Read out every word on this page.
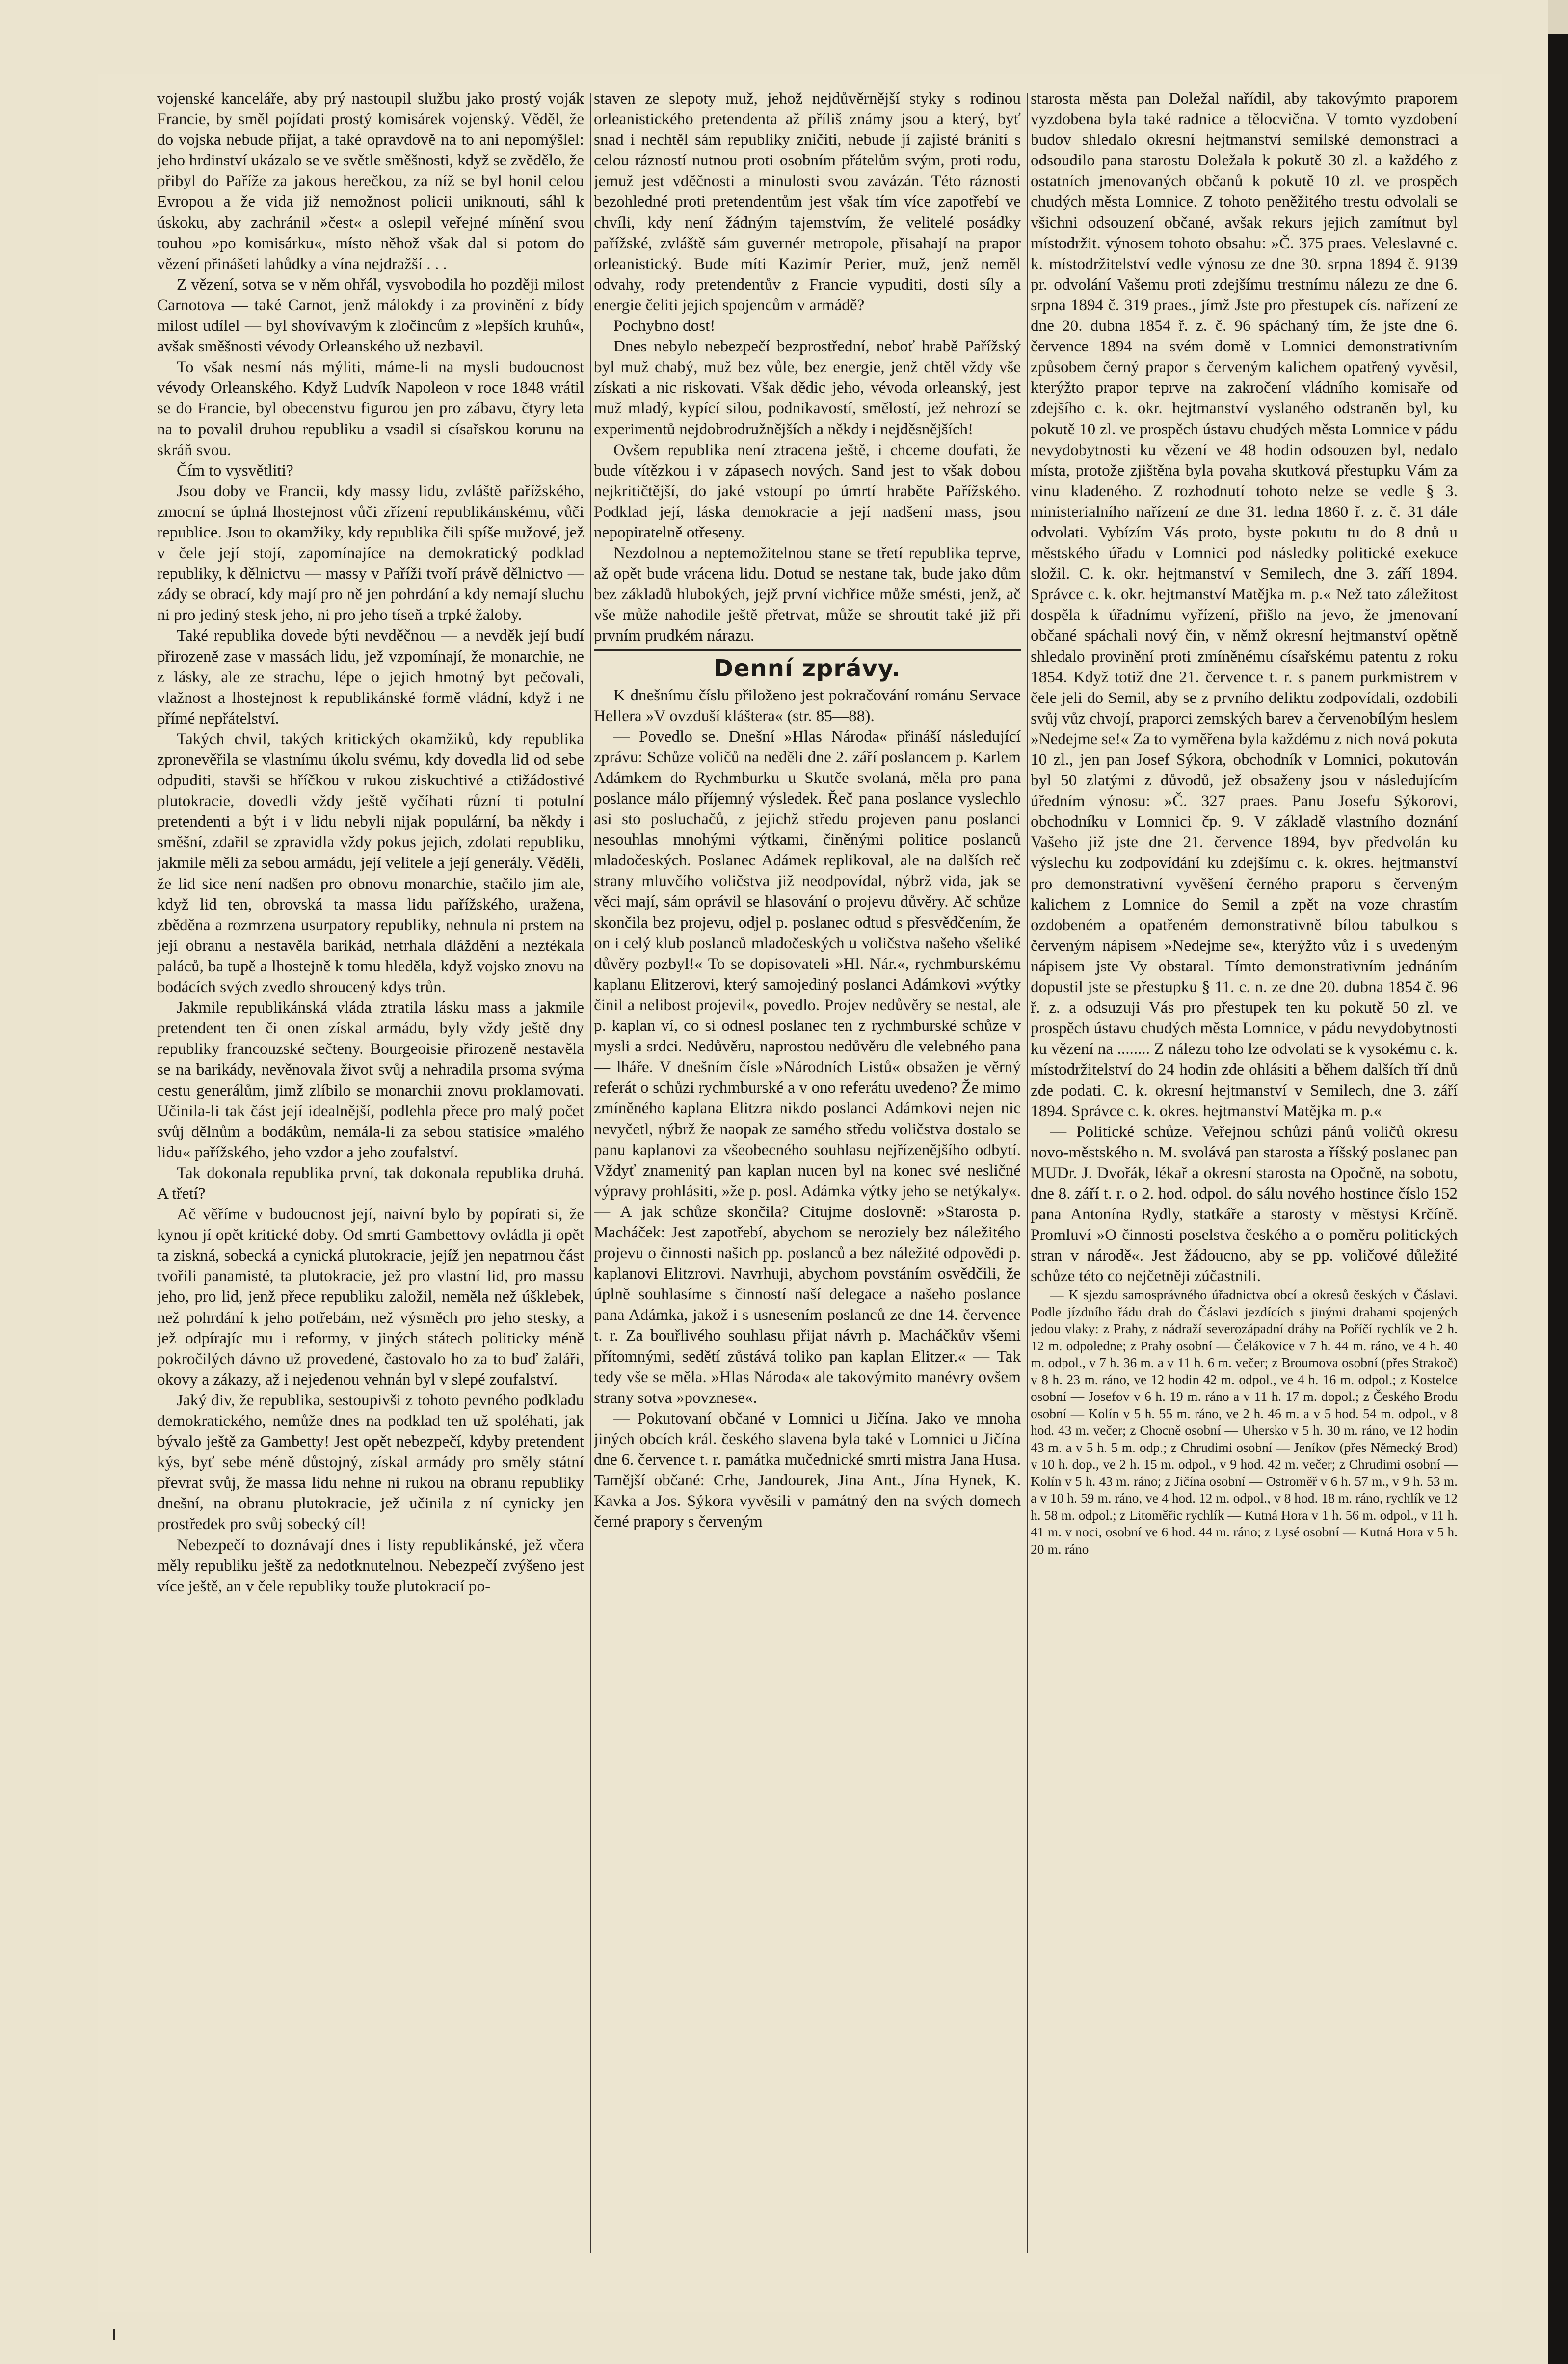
vojenské kanceláře, aby prý nastoupil službu jako prostý voják Francie, by směl pojídati prostý komisárek vojenský. Věděl, že do vojska nebude přijat, a také opravdově na to ani nepomýšlel: jeho hrdinství ukázalo se ve světle směšnosti, když se zvědělo, že přibyl do Paříže za jakous herečkou, za níž se byl honil celou Evropou a že vida již nemožnost policii uniknouti, sáhl k úskoku, aby zachránil »čest« a oslepil veřejné mínění svou touhou »po komisárku«, místo něhož však dal si potom do vězení přinášeti lahůdky a vína nejdražší . . .

Z vězení, sotva se v něm ohřál, vysvobodila ho později milost Carnotova — také Carnot, jenž málokdy i za provinění z bídy milost udílel — byl shovívavým k zločincům z »lepších kruhů«, avšak směšnosti vévody Orleanského už nezbavil.

To však nesmí nás mýliti, máme-li na mysli budoucnost vévody Orleanského. Když Ludvík Napoleon v roce 1848 vrátil se do Francie, byl obecenstvu figurou jen pro zábavu, čtyry leta na to povalil druhou republiku a vsadil si císařskou korunu na skráň svou.

Čím to vysvětliti?

Jsou doby ve Francii, kdy massy lidu, zvláště pařížského, zmocní se úplná lhostejnost vůči zřízení republikánskému, vůči republice. Jsou to okamžiky, kdy republika čili spíše mužové, jež v čele její stojí, zapomínajíce na demokratický podklad republiky, k dělnictvu — massy v Paříži tvoří právě dělnictvo — zády se obrací, kdy mají pro ně jen pohrdání a kdy nemají sluchu ni pro jediný stesk jeho, ni pro jeho tíseň a trpké žaloby.

Také republika dovede býti nevděčnou — a nevděk její budí přirozeně zase v massách lidu, jež vzpomínají, že monarchie, ne z lásky, ale ze strachu, lépe o jejich hmotný byt pečovali, vlažnost a lhostejnost k republikánské formě vládní, když i ne přímé nepřátelství.

Takých chvil, takých kritických okamžiků, kdy republika zpronevěřila se vlastnímu úkolu svému, kdy dovedla lid od sebe odpuditi, stavši se hříčkou v rukou ziskuchtivé a ctižádostivé plutokracie, dovedli vždy ještě vyčíhati různí ti potulní pretendenti a být i v lidu nebyli nijak populární, ba někdy i směšní, zdařil se zpravidla vždy pokus jejich, zdolati republiku, jakmile měli za sebou armádu, její velitele a její generály. Věděli, že lid sice není nadšen pro obnovu monarchie, stačilo jim ale, když lid ten, obrovská ta massa lidu pařížského, uražena, zběděna a rozmrzena usurpatory republiky, nehnula ni prstem na její obranu a nestavěla barikád, netrhala dláždění a neztékala paláců, ba tupě a lhostejně k tomu hleděla, když vojsko znovu na bodácích svých zvedlo shroucený kdys trůn.

Jakmile republikánská vláda ztratila lásku mass a jakmile pretendent ten či onen získal armádu, byly vždy ještě dny republiky francouzské sečteny. Bourgeoisie přirozeně nestavěla se na barikády, nevěnovala život svůj a nehradila prsoma svýma cestu generálům, jimž zlíbilo se monarchii znovu proklamovati. Učinila-li tak část její idealnější, podlehla přece pro malý počet svůj dělnům a bodákům, nemála-li za sebou statisíce »malého lidu« pařížského, jeho vzdor a jeho zoufalství.

Tak dokonala republika první, tak dokonala republika druhá. A třetí?

Ač věříme v budoucnost její, naivní bylo by popírati si, že kynou jí opět kritické doby. Od smrti Gambettovy ovládla ji opět ta ziskná, sobecká a cynická plutokracie, jejíž jen nepatrnou část tvořili panamisté, ta plutokracie, jež pro vlastní lid, pro massu jeho, pro lid, jenž přece republiku založil, neměla než úšklebek, než pohrdání k jeho potřebám, než výsměch pro jeho stesky, a jež odpírajíc mu i reformy, v jiných státech politicky méně pokročilých dávno už provedené, častovalo ho za to buď žaláři, okovy a zákazy, až i nejedenou vehnán byl v slepé zoufalství.

Jaký div, že republika, sestoupivši z tohoto pevného podkladu demokratického, nemůže dnes na podklad ten už spoléhati, jak bývalo ještě za Gambetty! Jest opět nebezpečí, kdyby pretendent kýs, byť sebe méně důstojný, získal armády pro směly státní převrat svůj, že massa lidu nehne ni rukou na obranu republiky dnešní, na obranu plutokracie, jež učinila z ní cynicky jen prostředek pro svůj sobecký cíl!

Nebezpečí to doznávají dnes i listy republikánské, jež včera měly republiku ještě za nedotknutelnou. Nebezpečí zvýšeno jest více ještě, an v čele republiky touže plutokracií po-

staven ze slepoty muž, jehož nejdůvěrnější styky s rodinou orleanistického pretendenta až příliš známy jsou a který, byť snad i nechtěl sám republiky zničiti, nebude jí zajisté bránití s celou rázností nutnou proti osobním přátelům svým, proti rodu, jemuž jest vděčnosti a minulosti svou zavázán. Této ráznosti bezohledné proti pretendentům jest však tím více zapotřebí ve chvíli, kdy není žádným tajemstvím, že velitelé posádky pařížské, zvláště sám guvernér metropole, přisahají na prapor orleanistický. Bude míti Kazimír Perier, muž, jenž neměl odvahy, rody pretendentův z Francie vypuditi, dosti síly a energie čeliti jejich spojencům v armádě?

Pochybno dost!

Dnes nebylo nebezpečí bezprostřední, neboť hrabě Pařížský byl muž chabý, muž bez vůle, bez energie, jenž chtěl vždy vše získati a nic riskovati. Však dědic jeho, vévoda orleanský, jest muž mladý, kypící silou, podnikavostí, smělostí, jež nehrozí se experimentů nejdobrodružnějších a někdy i nejděsnějších!

Ovšem republika není ztracena ještě, i chceme doufati, že bude vítězkou i v zápasech nových. Sand jest to však dobou nejkritičtější, do jaké vstoupí po úmrtí hraběte Pařížského. Podklad její, láska demokracie a její nadšení mass, jsou nepopiratelně otřeseny.

Nezdolnou a neptemožitelnou stane se třetí republika teprve, až opět bude vrácena lidu. Dotud se nestane tak, bude jako dům bez základů hlubokých, jejž první vichřice může smésti, jenž, ač vše může nahodile ještě přetrvat, může se shroutit také již při prvním prudkém nárazu.

Denní zprávy.

K dnešnímu číslu přiloženo jest pokračování románu Servace Hellera »V ovzduší kláštera« (str. 85—88).

— Povedlo se. Dnešní »Hlas Národa« přináší následující zprávu: Schůze voličů na neděli dne 2. září poslancem p. Karlem Adámkem do Rychmburku u Skutče svolaná, měla pro pana poslance málo příjemný výsledek. Řeč pana poslance vyslechlo asi sto posluchačů, z jejichž středu projeven panu poslanci nesouhlas mnohými výtkami, činěnými politice poslanců mladočeských. Poslanec Adámek replikoval, ale na dalších reč strany mluvčího voličstva již neodpovídal, nýbrž vida, jak se věci mají, sám oprávil se hlasování o projevu důvěry. Ač schůze skončila bez projevu, odjel p. poslanec odtud s přesvědčením, že on i celý klub poslanců mladočeských u voličstva našeho všeliké důvěry pozbyl!« To se dopisovateli »Hl. Nár.«, rychmburskému kaplanu Elitzerovi, který samojediný poslanci Adámkovi »výtky činil a nelibost projevil«, povedlo. Projev nedůvěry se nestal, ale p. kaplan ví, co si odnesl poslanec ten z rychmburské schůze v mysli a srdci. Nedůvěru, naprostou nedůvěru dle velebného pana — lháře. V dnešním čísle »Národních Listů« obsažen je věrný referát o schůzi rychmburské a v ono referátu uvedeno? Že mimo zmíněného kaplana Elitzra nikdo poslanci Adámkovi nejen nic nevyčetl, nýbrž že naopak ze samého středu voličstva dostalo se panu kaplanovi za všeobecného souhlasu nejřízenějšího odbytí. Vždyť znamenitý pan kaplan nucen byl na konec své nesličné výpravy prohlásiti, »že p. posl. Adámka výtky jeho se netýkaly«. — A jak schůze skončila? Citujme doslovně: »Starosta p. Macháček: Jest zapotřebí, abychom se neroziely bez náležitého projevu o činnosti našich pp. poslanců a bez náležité odpovědi p. kaplanovi Elitzrovi. Navrhuji, abychom povstáním osvědčili, že úplně souhlasíme s činností naší delegace a našeho poslance pana Adámka, jakož i s usnesením poslanců ze dne 14. července t. r. Za bouřlivého souhlasu přijat návrh p. Macháčkův všemi přítomnými, sedětí zůstává toliko pan kaplan Elitzer.« — Tak tedy vše se měla. »Hlas Národa« ale takovýmito manévry ovšem strany sotva »povznese«.

— Pokutovaní občané v Lomnici u Jičína. Jako ve mnoha jiných obcích král. českého slavena byla také v Lomnici u Jičína dne 6. července t. r. památka mučednické smrti mistra Jana Husa. Tamější občané: Crhe, Jandourek, Jina Ant., Jína Hynek, K. Kavka a Jos. Sýkora vyvěsili v památný den na svých domech černé prapory s červeným

starosta města pan Doležal nařídil, aby takovýmto praporem vyzdobena byla také radnice a tělocvična. V tomto vyzdobení budov shledalo okresní hejtmanství semilské demonstraci a odsoudilo pana starostu Doležala k pokutě 30 zl. a každého z ostatních jmenovaných občanů k pokutě 10 zl. ve prospěch chudých města Lomnice. Z tohoto peněžitého trestu odvolali se všichni odsouzení občané, avšak rekurs jejich zamítnut byl místodržit. výnosem tohoto obsahu: »Č. 375 praes. Veleslavné c. k. místodržitelství vedle výnosu ze dne 30. srpna 1894 č. 9139 pr. odvolání Vašemu proti zdejšímu trestnímu nálezu ze dne 6. srpna 1894 č. 319 praes., jímž Jste pro přestupek cís. nařízení ze dne 20. dubna 1854 ř. z. č. 96 spáchaný tím, že jste dne 6. července 1894 na svém domě v Lomnici demonstrativním způsobem černý prapor s červeným kalichem opatřený vyvěsil, kterýžto prapor teprve na zakročení vládního komisaře od zdejšího c. k. okr. hejtmanství vyslaného odstraněn byl, ku pokutě 10 zl. ve prospěch ústavu chudých města Lomnice v pádu nevydobytnosti ku vězení ve 48 hodin odsouzen byl, nedalo místa, protože zjištěna byla povaha skutková přestupku Vám za vinu kladeného. Z rozhodnutí tohoto nelze se vedle § 3. ministerialního nařízení ze dne 31. ledna 1860 ř. z. č. 31 dále odvolati. Vybízím Vás proto, byste pokutu tu do 8 dnů u městského úřadu v Lomnici pod následky politické exekuce složil. C. k. okr. hejtmanství v Semilech, dne 3. září 1894. Správce c. k. okr. hejtmanství Matějka m. p.« Než tato záležitost dospěla k úřadnímu vyřízení, přišlo na jevo, že jmenovaní občané spáchali nový čin, v němž okresní hejtmanství opětně shledalo provinění proti zmíněnému císařskému patentu z roku 1854. Když totiž dne 21. července t. r. s panem purkmistrem v čele jeli do Semil, aby se z prvního deliktu zodpovídali, ozdobili svůj vůz chvojí, praporci zemských barev a červenobílým heslem »Nedejme se!« Za to vyměřena byla každému z nich nová pokuta 10 zl., jen pan Josef Sýkora, obchodník v Lomnici, pokutován byl 50 zlatými z důvodů, jež obsaženy jsou v následujícím úředním výnosu: »Č. 327 praes. Panu Josefu Sýkorovi, obchodníku v Lomnici čp. 9. V základě vlastního doznání Vašeho již jste dne 21. července 1894, byv předvolán ku výslechu ku zodpovídání ku zdejšímu c. k. okres. hejtmanství pro demonstrativní vyvěšení černého praporu s červeným kalichem z Lomnice do Semil a zpět na voze chrastím ozdobeném a opatřeném demonstrativně bílou tabulkou s červeným nápisem »Nedejme se«, kterýžto vůz i s uvedeným nápisem jste Vy obstaral. Tímto demonstrativním jednáním dopustil jste se přestupku § 11. c. n. ze dne 20. dubna 1854 č. 96 ř. z. a odsuzuji Vás pro přestupek ten ku pokutě 50 zl. ve prospěch ústavu chudých města Lomnice, v pádu nevydobytnosti ku vězení na ........ Z nálezu toho lze odvolati se k vysokému c. k. místodržitelství do 24 hodin zde ohlásiti a během dalších tří dnů zde podati. C. k. okresní hejtmanství v Semilech, dne 3. září 1894. Správce c. k. okres. hejtmanství Matějka m. p.«

— Politické schůze. Veřejnou schůzi pánů voličů okresu novo-městského n. M. svolává pan starosta a říšský poslanec pan MUDr. J. Dvořák, lékař a okresní starosta na Opočně, na sobotu, dne 8. září t. r. o 2. hod. odpol. do sálu nového hostince číslo 152 pana Antonína Rydly, statkáře a starosty v městysi Krčíně. Promluví »O činnosti poselstva českého a o poměru politických stran v národě«. Jest žádoucno, aby se pp. voličové důležité schůze této co nejčetněji zúčastnili.

— K sjezdu samosprávného úřadnictva obcí a okresů českých v Čáslavi. Podle jízdního řádu drah do Čáslavi jezdících s jinými drahami spojených jedou vlaky: z Prahy, z nádraží severozápadní dráhy na Poříčí rychlík ve 2 h. 12 m. odpoledne; z Prahy osobní — Čelákovice v 7 h. 44 m. ráno, ve 4 h. 40 m. odpol., v 7 h. 36 m. a v 11 h. 6 m. večer; z Broumova osobní (přes Strakoč) v 8 h. 23 m. ráno, ve 12 hodin 42 m. odpol., ve 4 h. 16 m. odpol.; z Kostelce osobní — Josefov v 6 h. 19 m. ráno a v 11 h. 17 m. dopol.; z Českého Brodu osobní — Kolín v 5 h. 55 m. ráno, ve 2 h. 46 m. a v 5 hod. 54 m. odpol., v 8 hod. 43 m. večer; z Chocně osobní — Uhersko v 5 h. 30 m. ráno, ve 12 hodin 43 m. a v 5 h. 5 m. odp.; z Chrudimi osobní — Jeníkov (přes Německý Brod) v 10 h. dop., ve 2 h. 15 m. odpol., v 9 hod. 42 m. večer; z Chrudimi osobní — Kolín v 5 h. 43 m. ráno; z Jičína osobní — Ostroměř v 6 h. 57 m., v 9 h. 53 m. a v 10 h. 59 m. ráno, ve 4 hod. 12 m. odpol., v 8 hod. 18 m. ráno, rychlík ve 12 h. 58 m. odpol.; z Litoměřic rychlík — Kutná Hora v 1 h. 56 m. odpol., v 11 h. 41 m. v noci, osobní ve 6 hod. 44 m. ráno; z Lysé osobní — Kutná Hora v 5 h. 20 m. ráno
